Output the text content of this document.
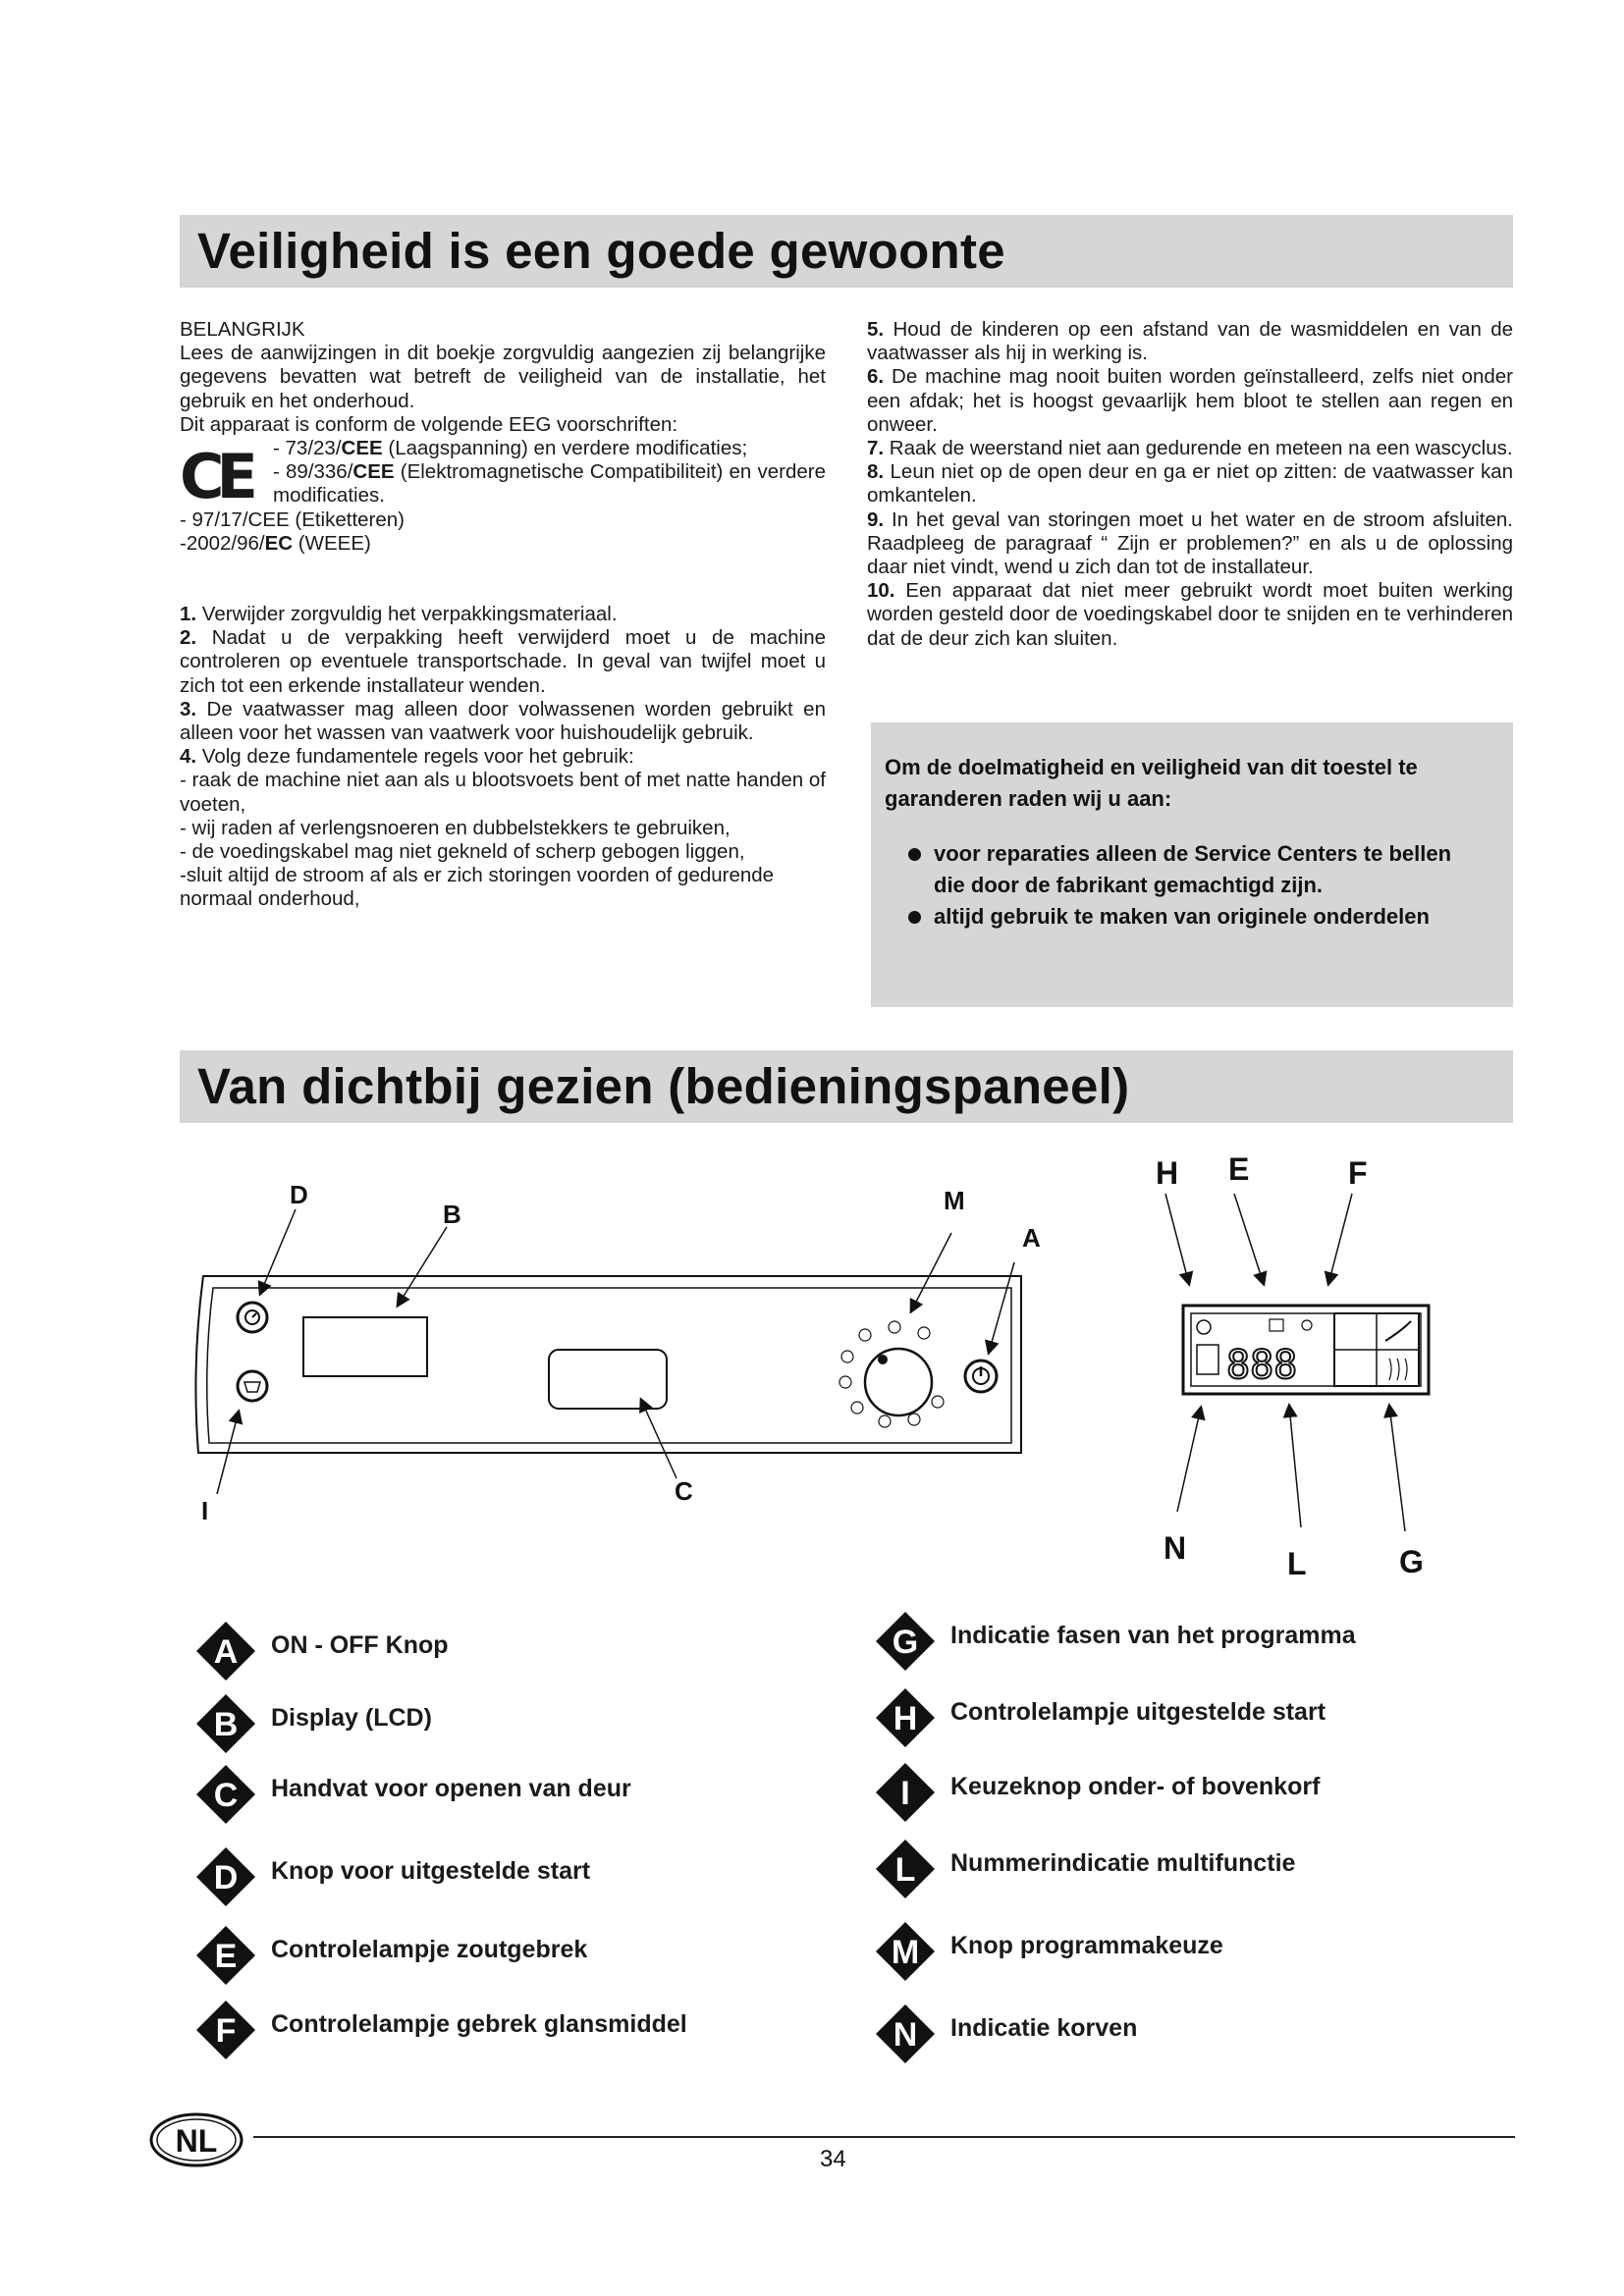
Veiligheid is een goede gewoonte

BELANGRIJK

Lees de aanwijzingen in dit boekje zorgvuldig aangezien zij belangrijke gegevens bevatten wat betreft de veiligheid van de installatie, het gebruik en het onderhoud.

Dit apparaat is conform de volgende EEG voorschriften:

CE - 73/23/CEE (Laagspanning) en verdere modificaties;

- 89/336/CEE (Elektromagnetische Compatibiliteit) en verdere modificaties.

- 97/17/CEE (Etiketteren)

-2002/96/EC (WEEE)

1. Verwijder zorgvuldig het verpakkingsmateriaal.

2. Nadat u de verpakking heeft verwijderd moet u de machine controleren op eventuele transportschade. In geval van twijfel moet u zich tot een erkende installateur wenden.

3. De vaatwasser mag alleen door volwassenen worden gebruikt en alleen voor het wassen van vaatwerk voor huishoudelijk gebruik.

4. Volg deze fundamentele regels voor het gebruik:

- raak de machine niet aan als u blootsvoets bent of met natte handen of voeten,

- wij raden af verlengsnoeren en dubbelstekkers te gebruiken,

- de voedingskabel mag niet gekneld of scherp gebogen liggen,

-sluit altijd de stroom af als er zich storingen voorden of gedurende normaal onderhoud,

5. Houd de kinderen op een afstand van de wasmiddelen en van de vaatwasser als hij in werking is.

6. De machine mag nooit buiten worden geïnstalleerd, zelfs niet onder een afdak; het is hoogst gevaarlijk hem bloot te stellen aan regen en onweer.

7. Raak de weerstand niet aan gedurende en meteen na een wascyclus.

8. Leun niet op de open deur en ga er niet op zitten: de vaatwasser kan omkantelen.

9. In het geval van storingen moet u het water en de stroom afsluiten. Raadpleeg de paragraaf “ Zijn er problemen?” en als u de oplossing daar niet vindt, wend u zich dan tot de installateur.

10. Een apparaat dat niet meer gebruikt wordt moet buiten werking worden gesteld door de voedingskabel door te snijden en te verhinderen dat de deur zich kan sluiten.

Om de doelmatigheid en veiligheid van dit toestel te garanderen raden wij u aan:

voor reparaties alleen de Service Centers te bellen die door de fabrikant gemachtigd zijn.
altijd gebruik te maken van originele onderdelen
Van dichtbij gezien (bedieningspaneel)
D
B	M
A
I
C
888
H E	F
N	L	G
A ON - OFF Knop
B Display (LCD)
C Handvat voor openen van deur
D Knop voor uitgestelde start
E Controlelampje zoutgebrek
F Controlelampje gebrek glansmiddel
G Indicatie fasen van het programma
H Controlelampje uitgestelde start
I Keuzeknop onder- of bovenkorf
L Nummerindicatie multifunctie
M Knop programmakeuze
N Indicatie korven
NL
34
